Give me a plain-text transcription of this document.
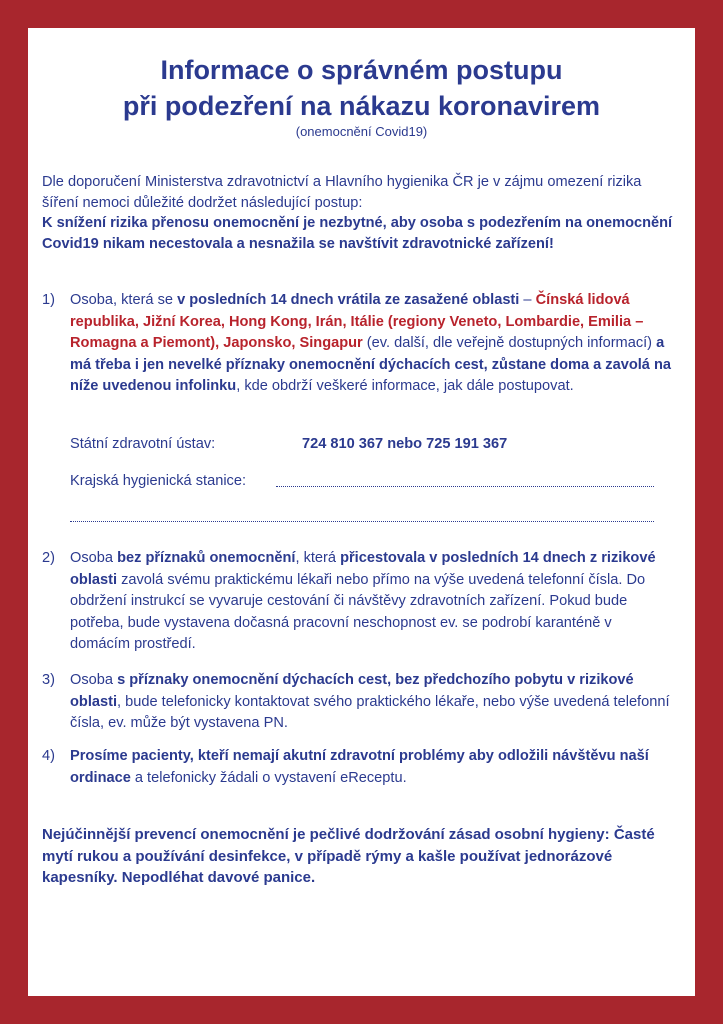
Informace o správném postupu
při podezření na nákazu koronavirem
(onemocnění Covid19)
Dle doporučení Ministerstva zdravotnictví a Hlavního hygienika ČR je v zájmu omezení rizika šíření nemoci důležité dodržet následující postup:
K snížení rizika přenosu onemocnění je nezbytné, aby osoba s podezřením na onemocnění Covid19 nikam necestovala a nesnažila se navštívit zdravotnické zařízení!
1) Osoba, která se v posledních 14 dnech vrátila ze zasažené oblasti – Čínská lidová republika, Jižní Korea, Hong Kong, Irán, Itálie (regiony Veneto, Lombardie, Emilia – Romagna a Piemont), Japonsko, Singapur (ev. další, dle veřejně dostupných informací) a má třeba i jen nevelké příznaky onemocnění dýchacích cest, zůstane doma a zavolá na níže uvedenou infolinku, kde obdrží veškeré informace, jak dále postupovat.
Státní zdravotní ústav:	724 810 367 nebo 725 191 367
Krajská hygienická stanice:
2) Osoba bez příznaků onemocnění, která přicestovala v posledních 14 dnech z rizikové oblasti zavolá svému praktickému lékaři nebo přímo na výše uvedená telefonní čísla. Do obdržení instrukcí se vyvaruje cestování či návštěvy zdravotních zařízení. Pokud bude potřeba, bude vystavena dočasná pracovní neschopnost ev. se podrobí karanténě v domácím prostředí.
3) Osoba s příznaky onemocnění dýchacích cest, bez předchozího pobytu v rizikové oblasti, bude telefonicky kontaktovat svého praktického lékaře, nebo výše uvedená telefonní čísla, ev. může být vystavena PN.
4) Prosíme pacienty, kteří nemají akutní zdravotní problémy aby odložili návštěvu naší ordinace a telefonicky žádali o vystavení eReceptu.
Nejúčinnější prevencí onemocnění je pečlivé dodržování zásad osobní hygieny: Časté mytí rukou a používání desinfekce, v případě rýmy a kašle používat jednorázové kapesníky. Nepodléhat davové panice.
